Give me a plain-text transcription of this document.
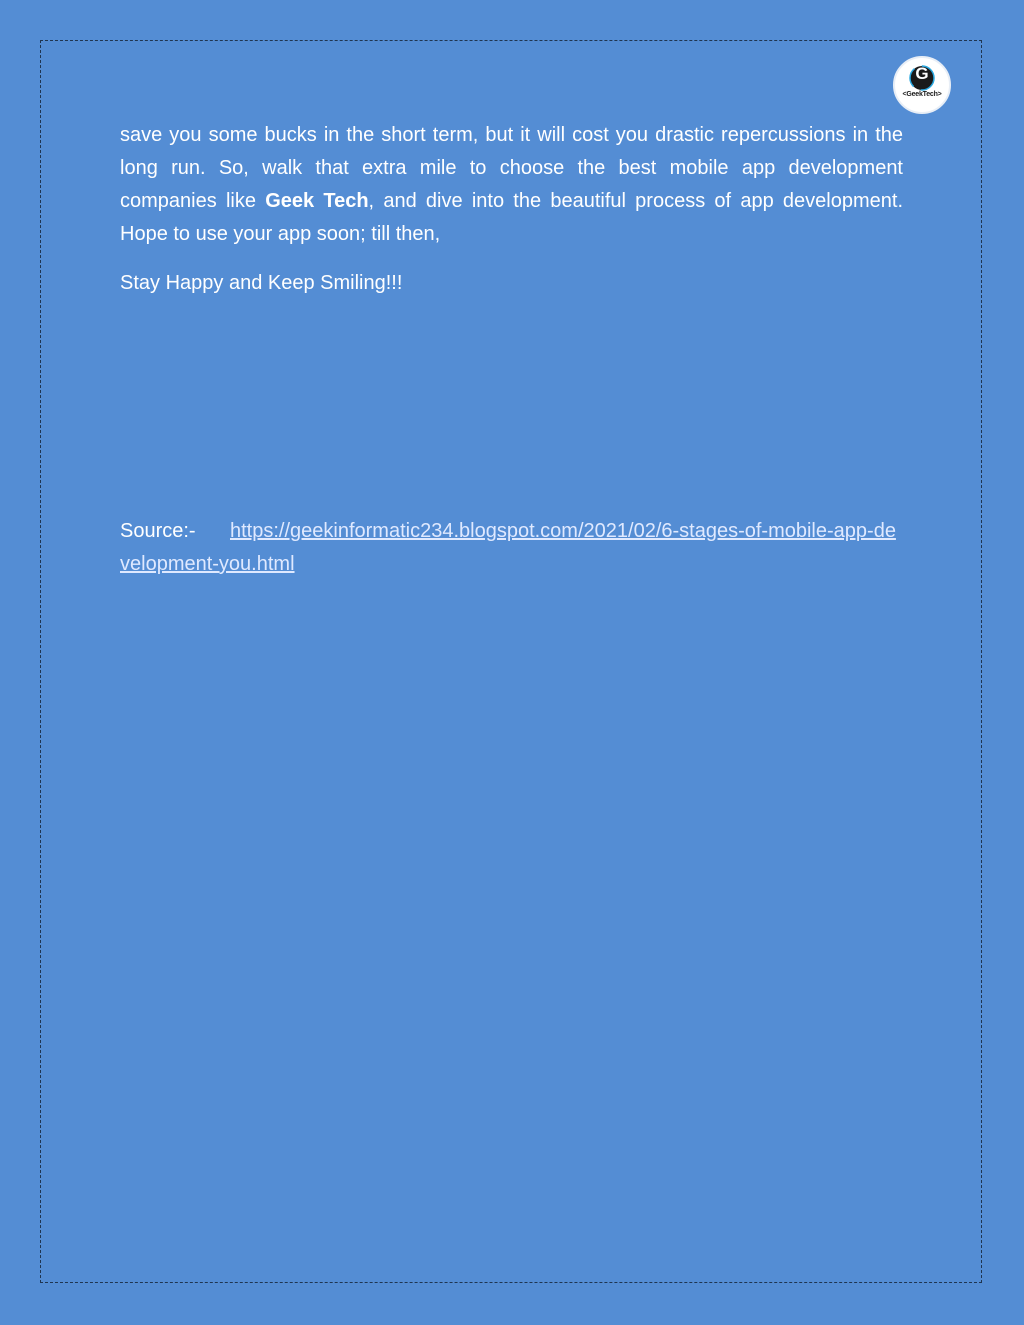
<GeekTech>
G

save you some bucks in the short term, but it will cost you drastic repercussions in the long run. So, walk that extra mile to choose the best mobile app development companies like Geek Tech, and dive into the beautiful process of app development. Hope to use your app soon; till then,

Stay Happy and Keep Smiling!!!

Source:- https://geekinformatic234.blogspot.com/2021/02/6-stages-of-mobile-app-development-you.html
